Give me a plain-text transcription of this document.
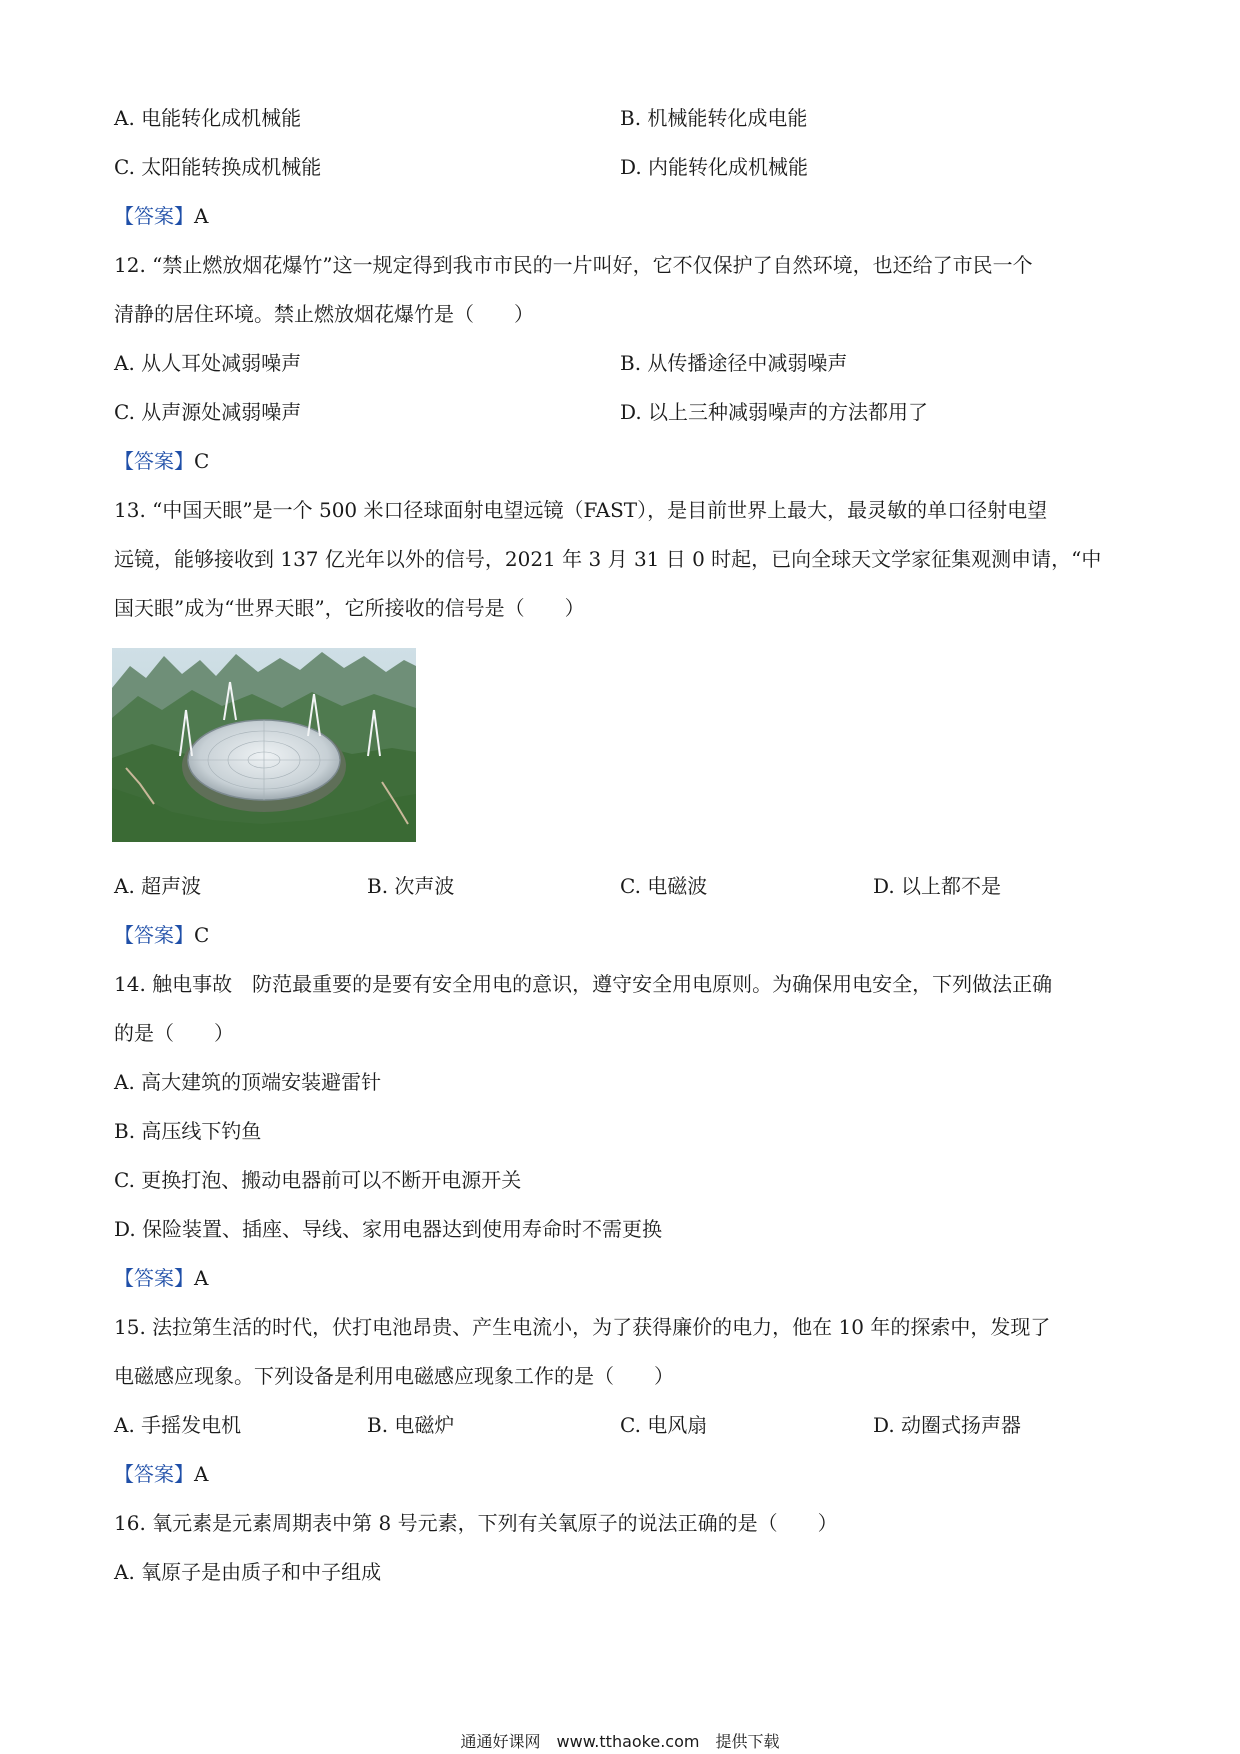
A. 电能转化成机械能	B. 机械能转化成电能
C. 太阳能转换成机械能	D. 内能转化成机械能
【答案】A
12. “禁止燃放烟花爆竹”这一规定得到我市市民的一片叫好，它不仅保护了自然环境，也还给了市民一个
清静的居住环境。禁止燃放烟花爆竹是（　　）
A. 从人耳处减弱噪声	B. 从传播途径中减弱噪声
C. 从声源处减弱噪声	D. 以上三种减弱噪声的方法都用了
【答案】C
13. “中国天眼”是一个 500 米口径球面射电望远镜（FAST），是目前世界上最大，最灵敏的单口径射电望
远镜，能够接收到 137 亿光年以外的信号，2021 年 3 月 31 日 0 时起，已向全球天文学家征集观测申请，“中
国天眼”成为“世界天眼”，它所接收的信号是（　　）
A. 超声波	B. 次声波	C. 电磁波	D. 以上都不是
【答案】C
14. 触电事故　防范最重要的是要有安全用电的意识，遵守安全用电原则。为确保用电安全，下列做法正确
的是（　　）
A. 高大建筑的顶端安装避雷针
B. 高压线下钓鱼
C. 更换打泡、搬动电器前可以不断开电源开关
D. 保险装置、插座、导线、家用电器达到使用寿命时不需更换
【答案】A
15. 法拉第生活的时代，伏打电池昂贵、产生电流小，为了获得廉价的电力，他在 10 年的探索中，发现了
电磁感应现象。下列设备是利用电磁感应现象工作的是（　　）
A. 手摇发电机	B. 电磁炉	C. 电风扇	D. 动圈式扬声器
【答案】A
16. 氧元素是元素周期表中第 8 号元素，下列有关氧原子的说法正确的是（　　）
A. 氧原子是由质子和中子组成
通通好课网　www.tthaoke.com　提供下载
